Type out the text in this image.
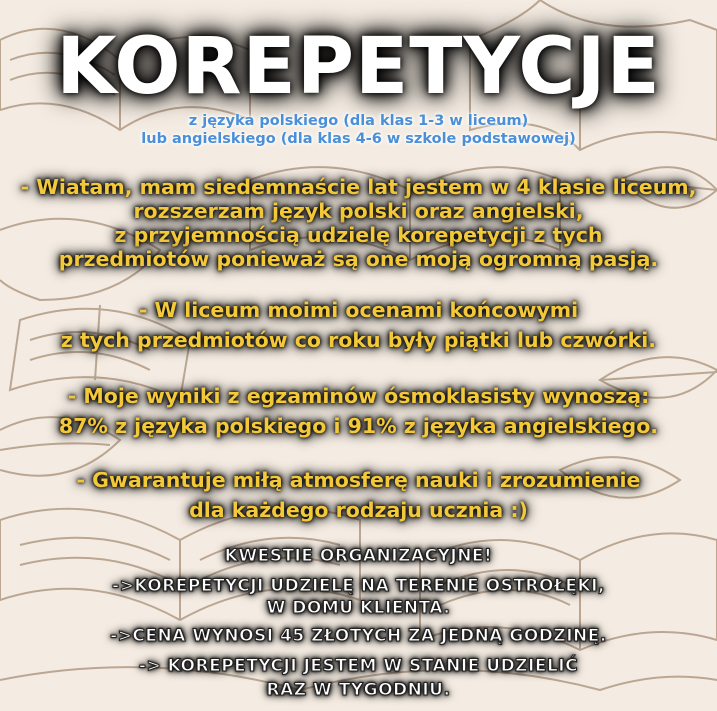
KOREPETYCJE
z języka polskiego (dla klas 1-3 w liceum)
lub angielskiego (dla klas 4-6 w szkole podstawowej)
- Wiatam, mam siedemnaście lat jestem w 4 klasie liceum,
rozszerzam język polski oraz angielski,
z przyjemnością udzielę korepetycji z tych
przedmiotów ponieważ są one moją ogromną pasją.
- W liceum moimi ocenami końcowymi
z tych przedmiotów co roku były piątki lub czwórki.
- Moje wyniki z egzaminów ósmoklasisty wynoszą:
87% z języka polskiego i 91% z języka angielskiego.
- Gwarantuje miłą atmosferę nauki i zrozumienie
dla każdego rodzaju ucznia :)
KWESTIE ORGANIZACYJNE!
->KOREPETYCJI UDZIELĘ NA TERENIE OSTROŁĘKI,
W DOMU KLIENTA.
->CENA WYNOSI 45 ZŁOTYCH ZA JEDNĄ GODZINĘ.
-> KOREPETYCJI JESTEM W STANIE UDZIELIĆ
RAZ W TYGODNIU.
